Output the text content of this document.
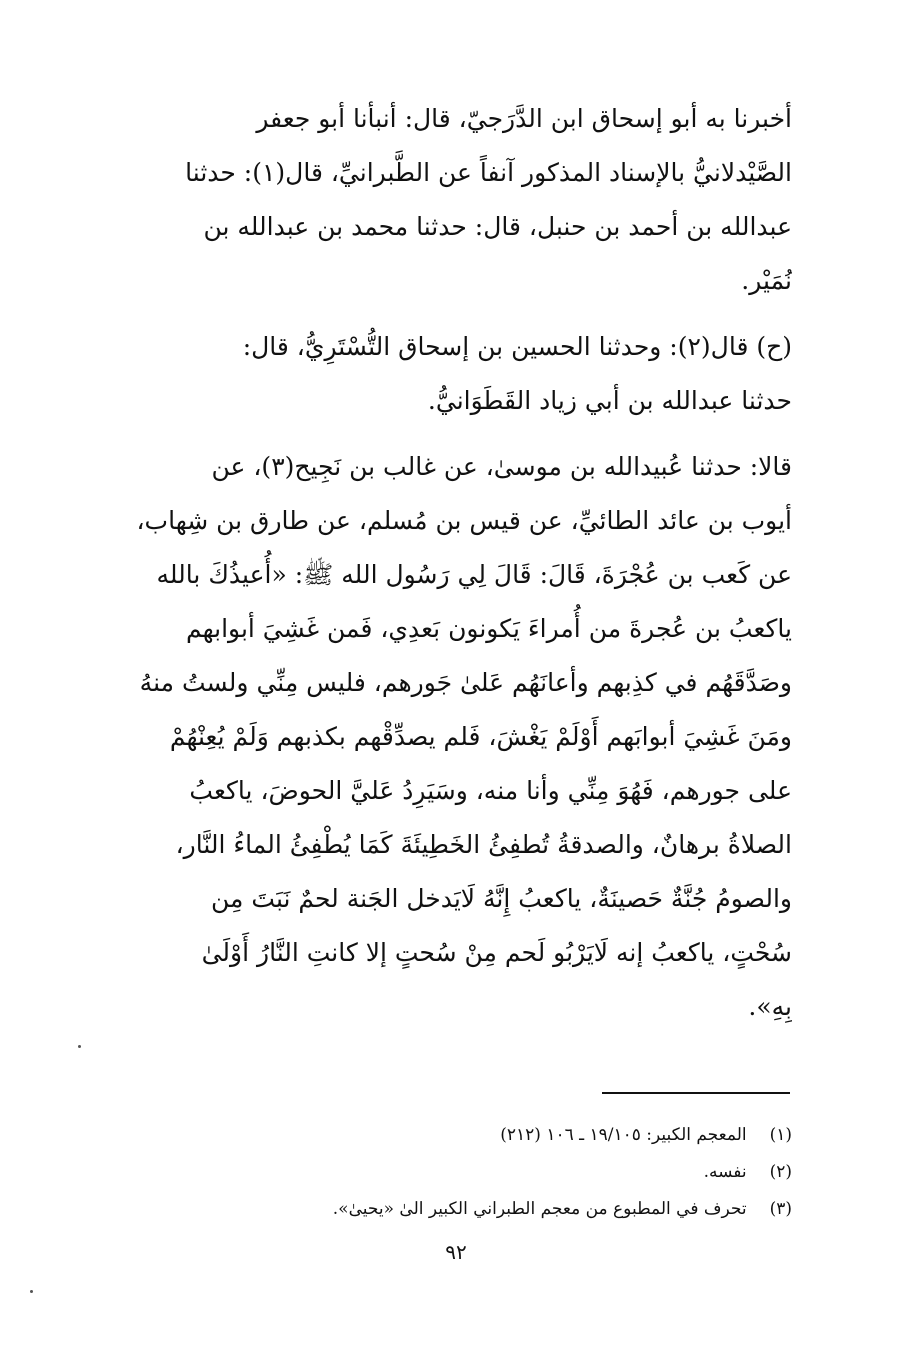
أخبرنا به أبو إسحاق ابن الدَّرَجيّ، قال: أنبأنا أبو جعفر
الصَّيْدلانيُّ بالإسناد المذكور آنفاً عن الطَّبرانيِّ، قال(١): حدثنا
عبدالله بن أحمد بن حنبل، قال: حدثنا محمد بن عبدالله بن
نُمَيْر.

(ح) قال(٢): وحدثنا الحسين بن إسحاق التُّسْتَرِيُّ، قال:
حدثنا عبدالله بن أبي زياد القَطَوَانيُّ.

قالا: حدثنا عُبيدالله بن موسىٰ، عن غالب بن نَجِيح(٣)، عن
أيوب بن عائد الطائيِّ، عن قيس بن مُسلم، عن طارق بن شِهاب،
عن كَعب بن عُجْرَةَ، قَالَ: قَالَ لِي رَسُول الله ﷺ: «أُعيذُكَ بالله
ياكعبُ بن عُجرةَ من أُمراءَ يَكونون بَعدِي، فَمن غَشِيَ أبوابهم
وصَدَّقَهُم في كذِبهم وأعانَهُم عَلىٰ جَورهم، فليس مِنِّي ولستُ منهُ
ومَنَ غَشِيَ أبوابَهم أَوْلَمْ يَغْشَ، فَلم يصدِّقْهم بكذبهم وَلَمْ يُعِنْهُمْ
على جورهم، فَهُوَ مِنِّي وأنا منه، وسَيَرِدُ عَليَّ الحوضَ، ياكعبُ
الصلاةُ برهانٌ، والصدقةُ تُطفِئُ الخَطِيئَةَ كَمَا يُطْفِئُ الماءُ النَّار،
والصومُ جُنَّةٌ حَصينَةٌ، ياكعبُ إِنَّهُ لَايَدخل الجَنة لحمٌ نَبَتَ مِن
سُحْتٍ، ياكعبُ إنه لَايَرْبُو لَحم مِنْ سُحتٍ إلا كانتِ النَّارُ أَوْلَىٰ
بِهِ».

(١) المعجم الكبير: ١٩/١٠٥ ـ ١٠٦ (٢١٢)
(٢) نفسه.
(٣) تحرف في المطبوع من معجم الطبراني الكبير الىٰ «يحيىٰ».
٩٢
